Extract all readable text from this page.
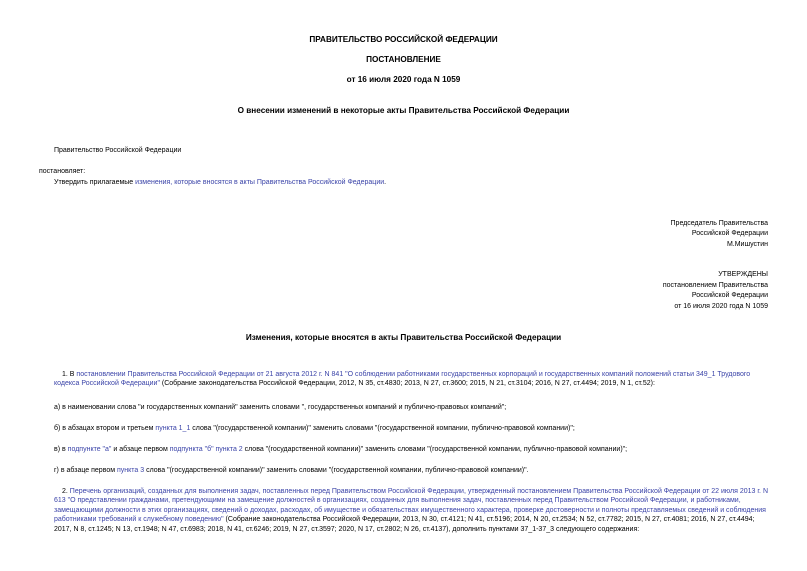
ПРАВИТЕЛЬСТВО РОССИЙСКОЙ ФЕДЕРАЦИИ
ПОСТАНОВЛЕНИЕ
от 16 июля 2020 года N 1059
О внесении изменений в некоторые акты Правительства Российской Федерации
Правительство Российской Федерации
постановляет:
Утвердить прилагаемые изменения, которые вносятся в акты Правительства Российской Федерации.
Председатель Правительства
Российской Федерации
М.Мишустин
УТВЕРЖДЕНЫ
постановлением Правительства
Российской Федерации
от 16 июля 2020 года N 1059
Изменения, которые вносятся в акты Правительства Российской Федерации
1. В постановлении Правительства Российской Федерации от 21 августа 2012 г. N 841 "О соблюдении работниками государственных корпораций и государственных компаний положений статьи 349_1 Трудового кодекса Российской Федерации" (Собрание законодательства Российской Федерации, 2012, N 35, ст.4830; 2013, N 27, ст.3600; 2015, N 21, ст.3104; 2016, N 27, ст.4494; 2019, N 1, ст.52):
а) в наименовании слова "и государственных компаний" заменить словами ", государственных компаний и публично-правовых компаний";
б) в абзацах втором и третьем пункта 1_1 слова "(государственной компании)" заменить словами "(государственной компании, публично-правовой компании)";
в) в подпункте "а" и абзаце первом подпункта "б" пункта 2 слова "(государственной компании)" заменить словами "(государственной компании, публично-правовой компании)";
г) в абзаце первом пункта 3 слова "(государственной компании)" заменить словами "(государственной компании, публично-правовой компании)".
2. Перечень организаций, созданных для выполнения задач, поставленных перед Правительством Российской Федерации, утвержденный постановлением Правительства Российской Федерации от 22 июля 2013 г. N 613 "О представлении гражданами, претендующими на замещение должностей в организациях, созданных для выполнения задач, поставленных перед Правительством Российской Федерации, и работниками, замещающими должности в этих организациях, сведений о доходах, расходах, об имуществе и обязательствах имущественного характера, проверке достоверности и полноты представляемых сведений и соблюдения работниками требований к служебному поведению" (Собрание законодательства Российской Федерации, 2013, N 30, ст.4121; N 41, ст.5196; 2014, N 20, ст.2534; N 52, ст.7782; 2015, N 27, ст.4081; 2016, N 27, ст.4494; 2017, N 8, ст.1245; N 13, ст.1948; N 47, ст.6983; 2018, N 41, ст.6246; 2019, N 27, ст.3597; 2020, N 17, ст.2802; N 26, ст.4137), дополнить пунктами 37_1-37_3 следующего содержания:
